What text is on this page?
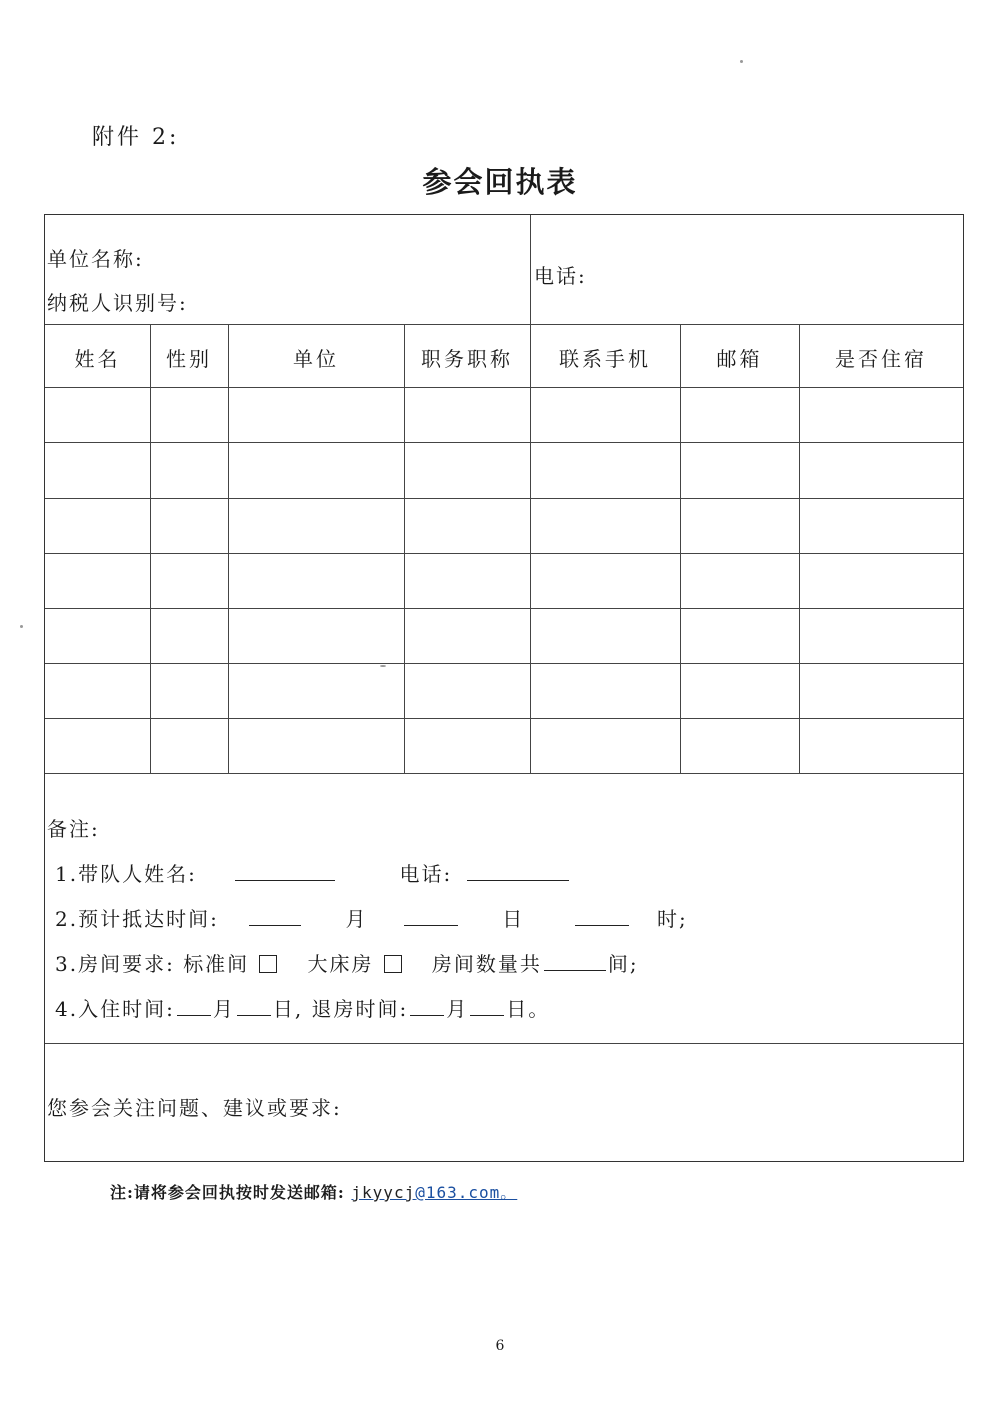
附件 2:
参会回执表
单位名称:
纳税人识别号:
电话:
姓名	性别	单位	职务职称	联系手机	邮箱	是否住宿
备注:
1.带队人姓名:	电话:
2.预计抵达时间:	月	日	时;
3.房间要求: 标准间	大床房	房间数量共	间;
4.入住时间: 月 日, 退房时间: 月 日。
您参会关注问题、建议或要求:
注:请将参会回执按时发送邮箱: jkyycj@163.com。
6
